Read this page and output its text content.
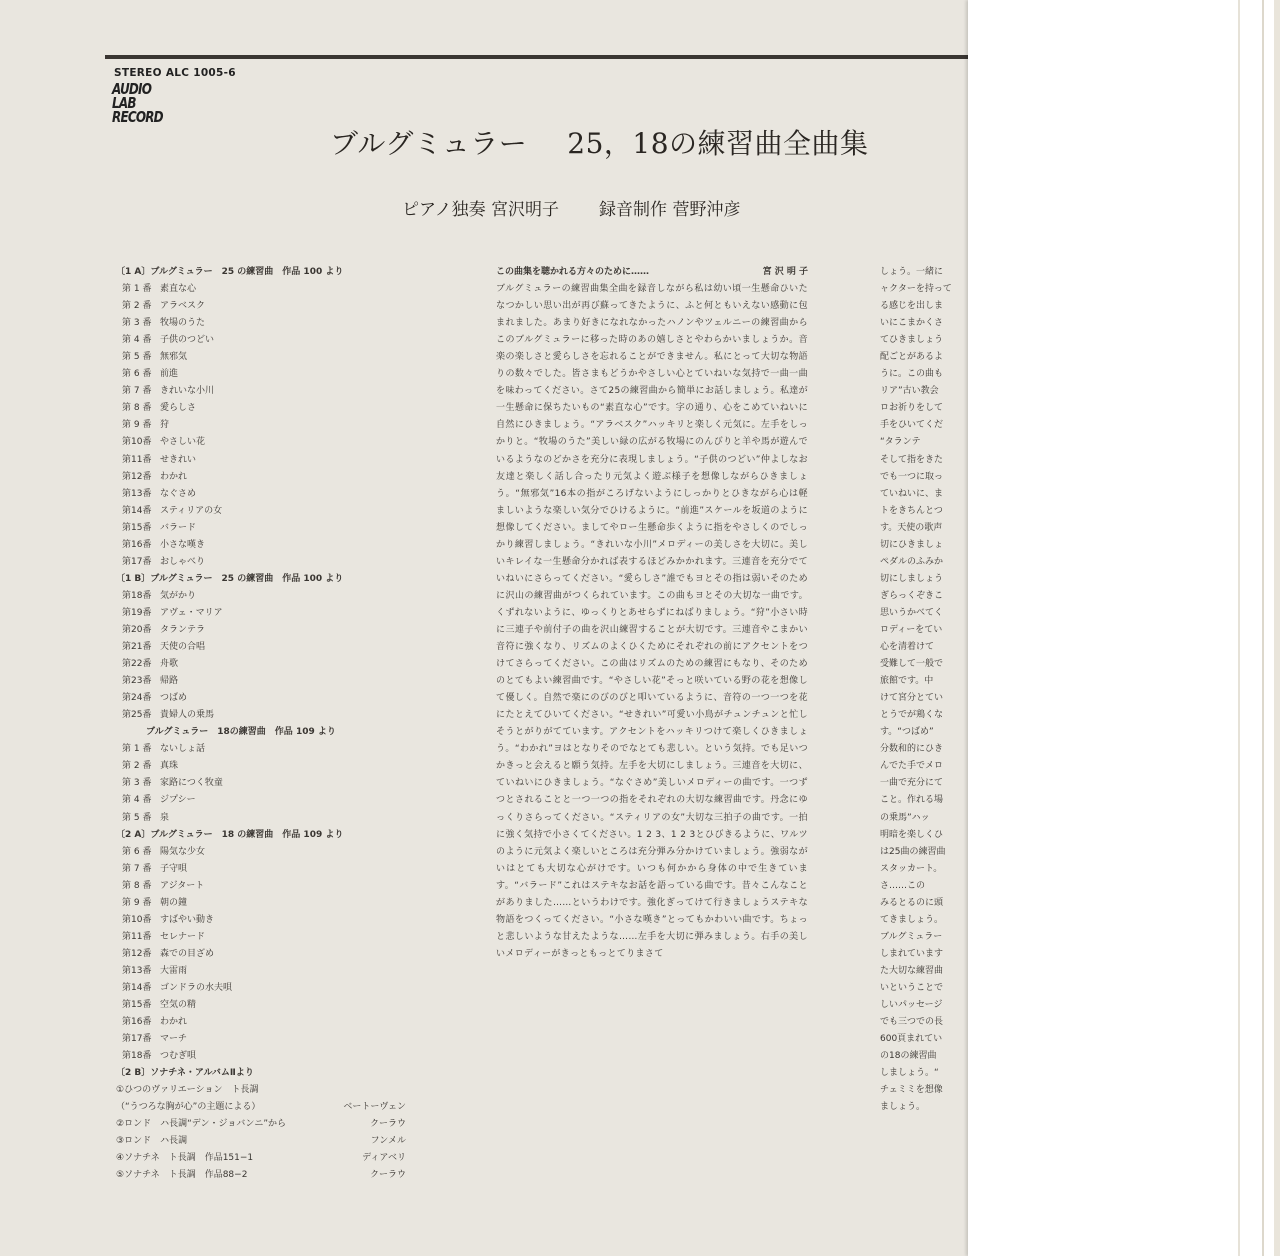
STEREO ALC 1005‑6
AUDIO
LAB
RECORD
ブルグミュラー 25，18の練習曲全曲集
ピアノ独奏 宮沢明子 録音制作 菅野沖彦
〔1 A〕ブルグミュラー　25 の練習曲　作品 100 より
第 1 番 素直な心
第 2 番 アラベスク
第 3 番 牧場のうた
第 4 番 子供のつどい
第 5 番 無邪気
第 6 番 前進
第 7 番 きれいな小川
第 8 番 愛らしさ
第 9 番 狩
第10番 やさしい花
第11番 せきれい
第12番 わかれ
第13番 なぐさめ
第14番 スティリアの女
第15番 バラード
第16番 小さな嘆き
第17番 おしゃべり
〔1 B〕ブルグミュラー　25 の練習曲　作品 100 より
第18番 気がかり
第19番 アヴェ・マリア
第20番 タランテラ
第21番 天使の合唱
第22番 舟歌
第23番 帰路
第24番 つばめ
第25番 貴婦人の乗馬
ブルグミュラー　18の練習曲　作品 109 より
第 1 番 ないしょ話
第 2 番 真珠
第 3 番 家路につく牧童
第 4 番 ジプシー
第 5 番 泉
〔2 A〕ブルグミュラー　18 の練習曲　作品 109 より
第 6 番 陽気な少女
第 7 番 子守唄
第 8 番 アジタート
第 9 番 朝の鐘
第10番 すばやい動き
第11番 セレナード
第12番 森での目ざめ
第13番 大雷雨
第14番 ゴンドラの水夫唄
第15番 空気の精
第16番 わかれ
第17番 マーチ
第18番 つむぎ唄
〔2 B〕ソナチネ・アルバムⅡより
①ひつのヴァリエーション　ト長調
（“うつろな胸が心”の主題による）	ベートーヴェン
②ロンド　ハ長調“デン・ジョバンニ”から	クーラウ
③ロンド　ハ長調	フンメル
④ソナチネ　ト長調　作品151−1	ディアベリ
⑤ソナチネ　ト長調　作品88−2	クーラウ
この曲集を聴かれる方々のために……	宮 沢 明 子
ブルグミュラーの練習曲集全曲を録音しながら私は幼い頃一生懸命ひいたなつかしい思い出が再び蘇ってきたように、ふと何ともいえない感動に包まれました。あまり好きになれなかったハノンやツェルニーの練習曲からこのブルグミュラーに移った時のあの嬉しさとやわらかいましょうか。音楽の楽しさと愛らしさを忘れることができません。私にとって大切な物語りの数々でした。皆さまもどうかやさしい心とていねいな気持で一曲一曲を味わってください。さて25の練習曲から簡単にお話しましょう。私達が一生懸命に保ちたいもの“素直な心”です。字の通り、心をこめていねいに自然にひきましょう。“アラベスク”ハッキリと楽しく元気に。左手をしっかりと。“牧場のうた”美しい緑の広がる牧場にのんびりと羊や馬が遊んでいるようなのどかさを充分に表現しましょう。“子供のつどい”仲よしなお友達と楽しく話し合ったり元気よく遊ぶ様子を想像しながらひきましょう。“無邪気”16本の指がころげないようにしっかりとひきながら心は軽ましいような楽しい気分でひけるように。“前進”スケールを坂道のように想像してください。ましてやロー生懸命歩くように指をやさしくのでしっかり練習しましょう。“きれいな小川”メロディーの美しさを大切に。美しいキレイな一生懸命分かれば表するほどみかかれます。三連音を充分でていねいにさらってください。“愛らしさ”誰でもヨとその指は弱いそのために沢山の練習曲がつくられています。この曲もヨとその大切な一曲です。くずれないように、ゆっくりとあせらずにねばりましょう。“狩”小さい時に三連子や前付子の曲を沢山練習することが大切です。三連音やこまかい音符に強くなり、リズムのよくひくためにそれぞれの前にアクセントをつけてさらってください。この曲はリズムのための練習にもなり、そのためのとてもよい練習曲です。“やさしい花”そっと咲いている野の花を想像して優しく。自然で楽にのびのびと叩いているように、音符の一つ一つを花にたとえてひいてください。“せきれい”可愛い小鳥がチュンチュンと忙しそうとがりがてています。アクセントをハッキリつけて楽しくひきましょう。“わかれ”ヨはとなりそのでなとても悲しい。という気持。でも足いつかきっと会えると願う気持。左手を大切にしましょう。三連音を大切に、ていねいにひきましょう。“なぐさめ”美しいメロディーの曲です。一つずつとされることと一つ一つの指をそれぞれの大切な練習曲です。丹念にゆっくりさらってください。“スティリアの女”大切な三拍子の曲です。一拍に強く気持で小さくてください。1 2 3、1 2 3とひびきるように、ワルツのように元気よく楽しいところは充分弾み分かけていましょう。強弱ながいはとても大切な心がけです。いつも何かから身体の中で生きています。“バラード”これはステキなお話を語っている曲です。昔々こんなことがありました……というわけです。強化ぎってけて行きましょうステキな物語をつくってください。“小さな嘆き”とってもかわいい曲です。ちょっと悲しいような甘えたような……左手を大切に弾みましょう。右手の美しいメロディーがきっともっとてりまさて
しょう。一緒に
ャクターを持って
る感じを出しま
いにこまかくさ
てひきましょう
配ごとがあるよ
うに。この曲も
リア”古い教会
ロお祈りをして
手をひいてくだ
“タランテ
そして指をきた
でも一つに取っ
ていねいに、ま
トをきちんとつ
す。天使の歌声
切にひきましょ
ペダルのふみか
切にしましょう
ぎらっくぞきこ
思いうかべてく
ロディーをてい
心を清着けて
受難して一般で
旅館です。中
けて宮分とてい
とうでが鶏くな
す。“つばめ”
分数和的にひき
んでた手でメロ
一曲で充分にて
こと。作れる場
の乗馬”ハッ
明暗を楽しくひ
は25曲の練習曲
スタッカート。
さ……この
みるとるのに頭
てきましょう。
ブルグミュラー
しまれています
た大切な練習曲
いということで
しいパッセージ
でも三つでの長
600頁まれてい
の18の練習曲
しましょう。“
チェミミを想像
ましょう。
